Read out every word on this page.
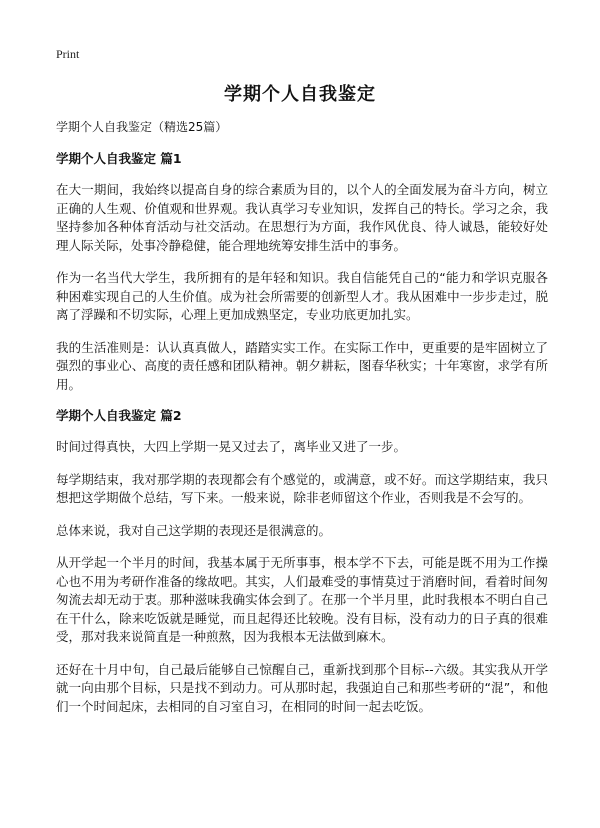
Print
学期个人自我鉴定

学期个人自我鉴定（精选25篇）

学期个人自我鉴定 篇1

在大一期间，我始终以提高自身的综合素质为目的，以个人的全面发展为奋斗方向，树立正确的人生观、价值观和世界观。我认真学习专业知识，发挥自己的特长。学习之余，我坚持参加各种体育活动与社交活动。在思想行为方面，我作风优良、待人诚恳，能较好处理人际关际，处事冷静稳健，能合理地统筹安排生活中的事务。

作为一名当代大学生，我所拥有的是年轻和知识。我自信能凭自己的“能力和学识克服各种困难实现自己的人生价值。成为社会所需要的创新型人才。我从困难中一步步走过，脱离了浮躁和不切实际，心理上更加成熟坚定，专业功底更加扎实。

我的生活准则是：认认真真做人，踏踏实实工作。在实际工作中，更重要的是牢固树立了强烈的事业心、高度的责任感和团队精神。朝夕耕耘，图春华秋实；十年寒窗，求学有所用。

学期个人自我鉴定 篇2

时间过得真快，大四上学期一晃又过去了，离毕业又进了一步。

每学期结束，我对那学期的表现都会有个感觉的，或满意，或不好。而这学期结束，我只想把这学期做个总结，写下来。一般来说，除非老师留这个作业，否则我是不会写的。

总体来说，我对自己这学期的表现还是很满意的。

从开学起一个半月的时间，我基本属于无所事事，根本学不下去，可能是既不用为工作操心也不用为考研作准备的缘故吧。其实，人们最难受的事情莫过于消磨时间，看着时间匆匆流去却无动于衷。那种滋味我确实体会到了。在那一个半月里，此时我根本不明白自己在干什么，除来吃饭就是睡觉，而且起得还比较晚。没有目标，没有动力的日子真的很难受，那对我来说简直是一种煎熬，因为我根本无法做到麻木。

还好在十月中旬，自己最后能够自己惊醒自己，重新找到那个目标--六级。其实我从开学就一向由那个目标，只是找不到动力。可从那时起，我强迫自己和那些考研的“混”，和他们一个时间起床，去相同的自习室自习，在相同的时间一起去吃饭。
